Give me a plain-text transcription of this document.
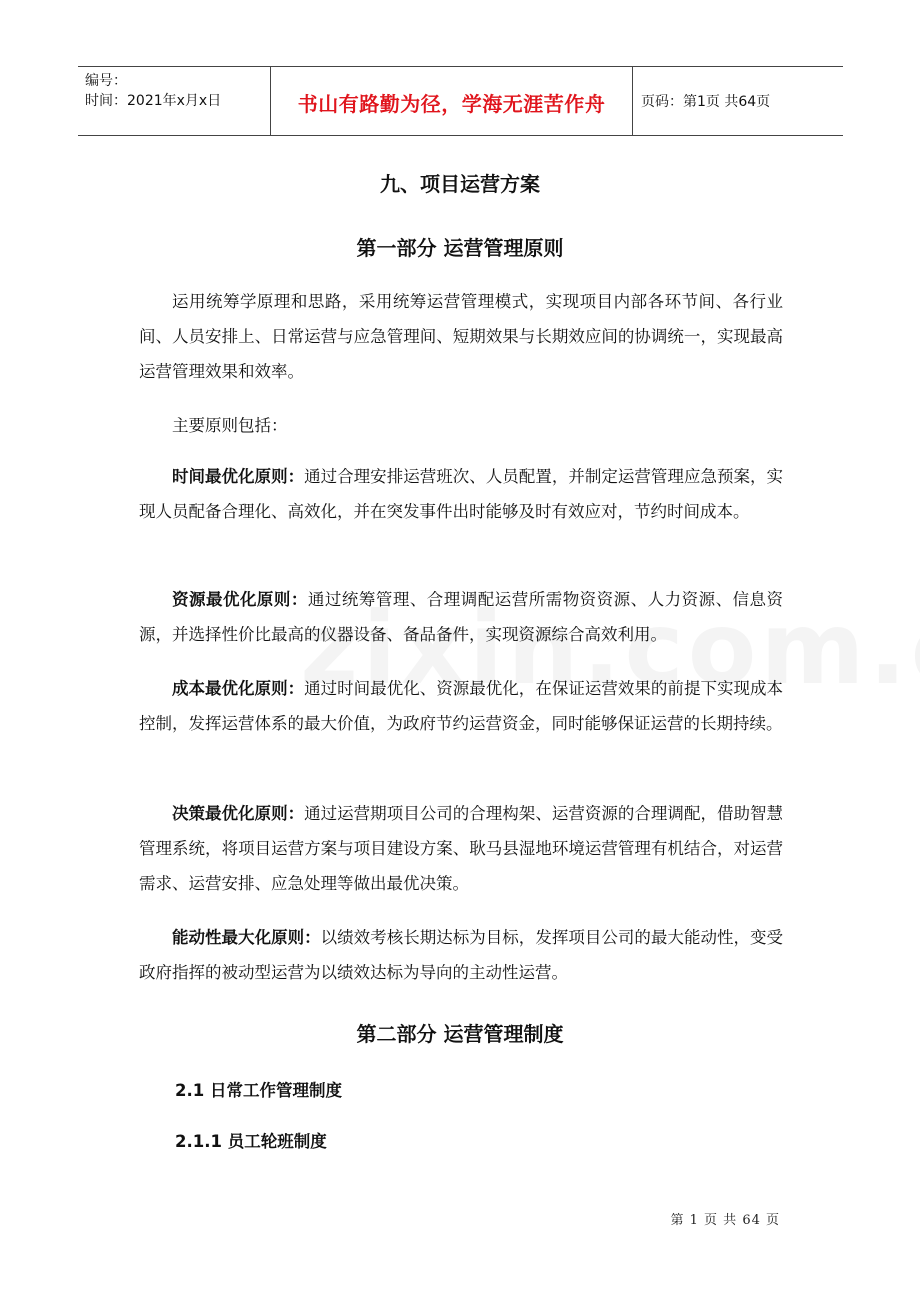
编号：
时间：2021年x月x日	书山有路勤为径，学海无涯苦作舟	页码：第1页 共64页
九、项目运营方案
第一部分 运营管理原则
运用统筹学原理和思路，采用统筹运营管理模式，实现项目内部各环节间、各行业间、人员安排上、日常运营与应急管理间、短期效果与长期效应间的协调统一，实现最高运营管理效果和效率。
主要原则包括：
时间最优化原则：通过合理安排运营班次、人员配置，并制定运营管理应急预案，实现人员配备合理化、高效化，并在突发事件出时能够及时有效应对，节约时间成本。
资源最优化原则：通过统筹管理、合理调配运营所需物资资源、人力资源、信息资源，并选择性价比最高的仪器设备、备品备件，实现资源综合高效利用。
成本最优化原则：通过时间最优化、资源最优化，在保证运营效果的前提下实现成本控制，发挥运营体系的最大价值，为政府节约运营资金，同时能够保证运营的长期持续。
决策最优化原则：通过运营期项目公司的合理构架、运营资源的合理调配，借助智慧管理系统，将项目运营方案与项目建设方案、耿马县湿地环境运营管理有机结合，对运营需求、运营安排、应急处理等做出最优决策。
能动性最大化原则：以绩效考核长期达标为目标，发挥项目公司的最大能动性，变受政府指挥的被动型运营为以绩效达标为导向的主动性运营。
第二部分 运营管理制度
2.1 日常工作管理制度
2.1.1 员工轮班制度
第 1 页 共 64 页
